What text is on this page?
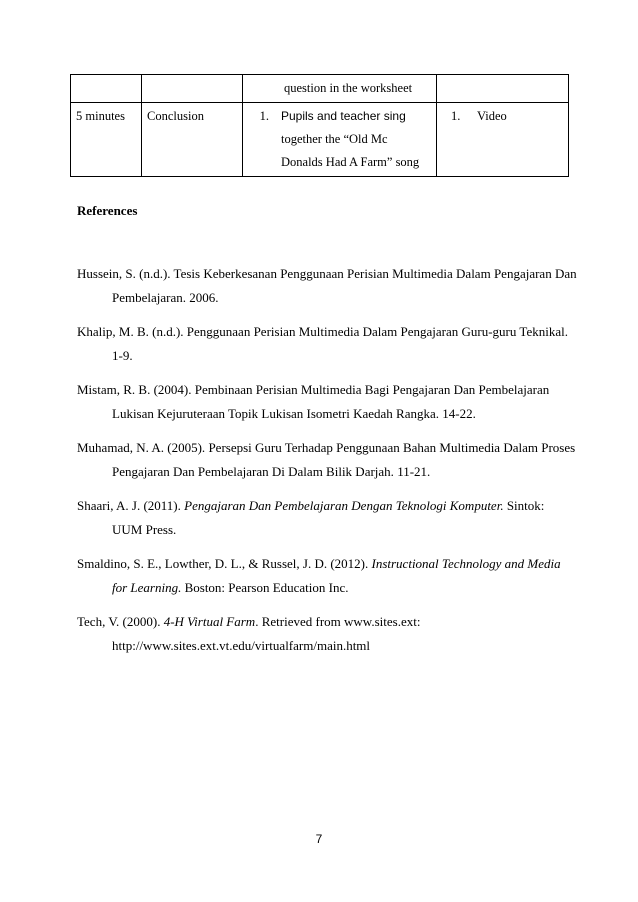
		question in the worksheet	
5 minutes	Conclusion	1. Pupils and teacher sing together the “Old Mc Donalds Had A Farm” song	1. Video
References

Hussein, S. (n.d.). Tesis Keberkesanan Penggunaan Perisian Multimedia Dalam Pengajaran Dan Pembelajaran. 2006.

Khalip, M. B. (n.d.). Penggunaan Perisian Multimedia Dalam Pengajaran Guru-guru Teknikal. 1-9.

Mistam, R. B. (2004). Pembinaan Perisian Multimedia Bagi Pengajaran Dan Pembelajaran Lukisan Kejuruteraan Topik Lukisan Isometri Kaedah Rangka. 14-22.

Muhamad, N. A. (2005). Persepsi Guru Terhadap Penggunaan Bahan Multimedia Dalam Proses Pengajaran Dan Pembelajaran Di Dalam Bilik Darjah. 11-21.

Shaari, A. J. (2011). Pengajaran Dan Pembelajaran Dengan Teknologi Komputer. Sintok: UUM Press.

Smaldino, S. E., Lowther, D. L., & Russel, J. D. (2012). Instructional Technology and Media for Learning. Boston: Pearson Education Inc.

Tech, V. (2000). 4-H Virtual Farm. Retrieved from www.sites.ext: http://www.sites.ext.vt.edu/virtualfarm/main.html

7
